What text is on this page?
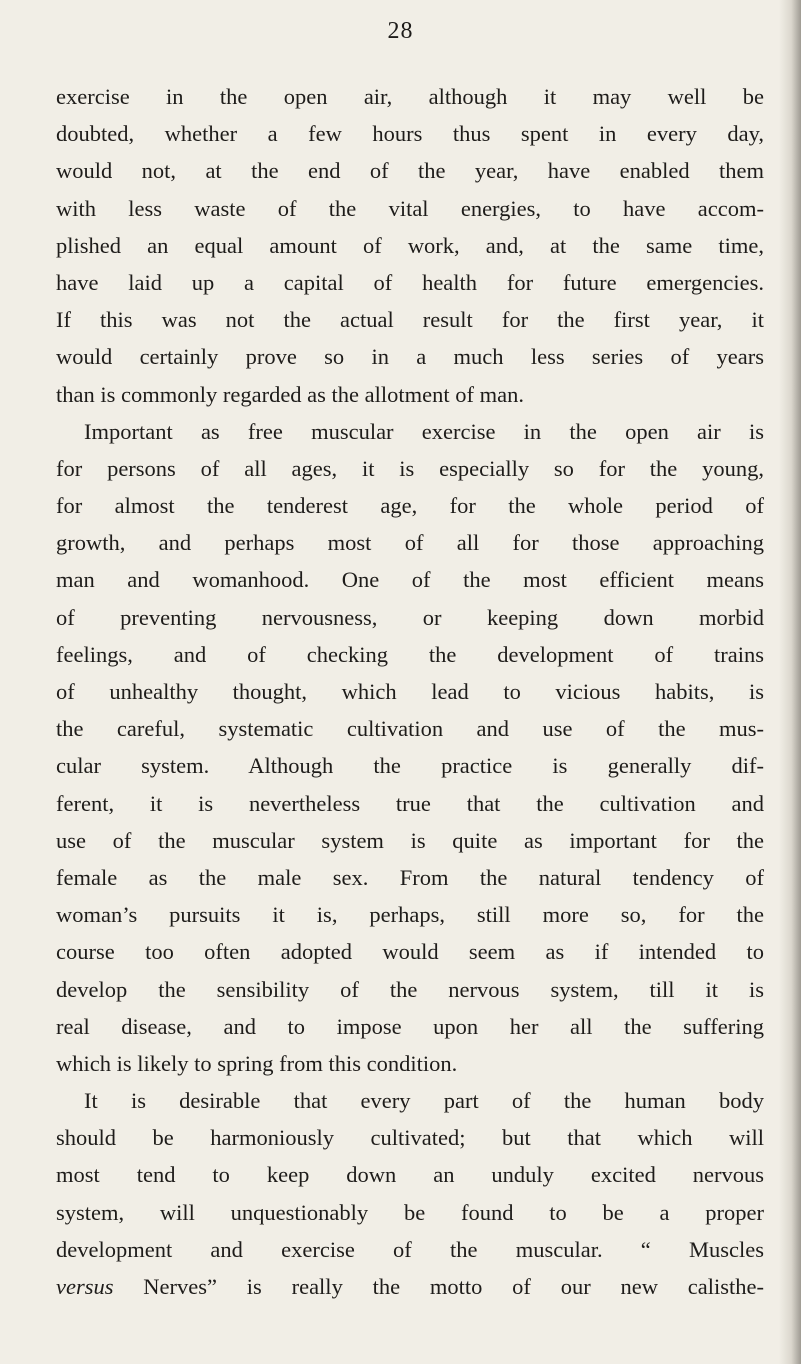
28
exercise in the open air, although it may well be
doubted, whether a few hours thus spent in every day,
would not, at the end of the year, have enabled them
with less waste of the vital energies, to have accom-
plished an equal amount of work, and, at the same time,
have laid up a capital of health for future emergencies.
If this was not the actual result for the first year, it
would certainly prove so in a much less series of years
than is commonly regarded as the allotment of man.
Important as free muscular exercise in the open air is
for persons of all ages, it is especially so for the young,
for almost the tenderest age, for the whole period of
growth, and perhaps most of all for those approaching
man and womanhood. One of the most efficient means
of preventing nervousness, or keeping down morbid
feelings, and of checking the development of trains
of unhealthy thought, which lead to vicious habits, is
the careful, systematic cultivation and use of the mus-
cular system. Although the practice is generally dif-
ferent, it is nevertheless true that the cultivation and
use of the muscular system is quite as important for the
female as the male sex. From the natural tendency of
woman’s pursuits it is, perhaps, still more so, for the
course too often adopted would seem as if intended to
develop the sensibility of the nervous system, till it is
real disease, and to impose upon her all the suffering
which is likely to spring from this condition.
It is desirable that every part of the human body
should be harmoniously cultivated; but that which will
most tend to keep down an unduly excited nervous
system, will unquestionably be found to be a proper
development and exercise of the muscular. “ Muscles
versus Nerves” is really the motto of our new calisthe-
